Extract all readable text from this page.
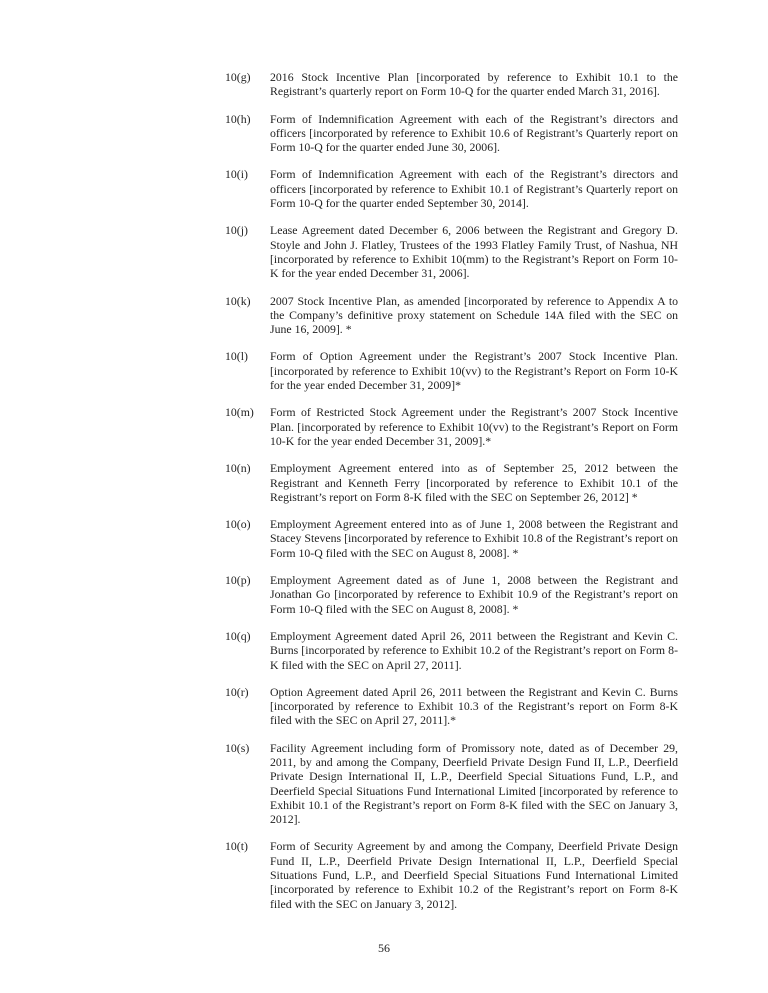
10(g)	2016 Stock Incentive Plan [incorporated by reference to Exhibit 10.1 to the Registrant’s quarterly report on Form 10-Q for the quarter ended March 31, 2016].
10(h)	Form of Indemnification Agreement with each of the Registrant’s directors and officers [incorporated by reference to Exhibit 10.6 of Registrant’s Quarterly report on Form 10-Q for the quarter ended June 30, 2006].
10(i)	Form of Indemnification Agreement with each of the Registrant’s directors and officers [incorporated by reference to Exhibit 10.1 of Registrant’s Quarterly report on Form 10-Q for the quarter ended September 30, 2014].
10(j)	Lease Agreement dated December 6, 2006 between the Registrant and Gregory D. Stoyle and John J. Flatley, Trustees of the 1993 Flatley Family Trust, of Nashua, NH [incorporated by reference to Exhibit 10(mm) to the Registrant’s Report on Form 10-K for the year ended December 31, 2006].
10(k)	2007 Stock Incentive Plan, as amended [incorporated by reference to Appendix A to the Company’s definitive proxy statement on Schedule 14A filed with the SEC on June 16, 2009]. *
10(l)	Form of Option Agreement under the Registrant’s 2007 Stock Incentive Plan. [incorporated by reference to Exhibit 10(vv) to the Registrant’s Report on Form 10-K for the year ended December 31, 2009]*
10(m)	Form of Restricted Stock Agreement under the Registrant’s 2007 Stock Incentive Plan. [incorporated by reference to Exhibit 10(vv) to the Registrant’s Report on Form 10-K for the year ended December 31, 2009].*
10(n)	Employment Agreement entered into as of September 25, 2012 between the Registrant and Kenneth Ferry [incorporated by reference to Exhibit 10.1 of the Registrant’s report on Form 8-K filed with the SEC on September 26, 2012] *
10(o)	Employment Agreement entered into as of June 1, 2008 between the Registrant and Stacey Stevens [incorporated by reference to Exhibit 10.8 of the Registrant’s report on Form 10-Q filed with the SEC on August 8, 2008]. *
10(p)	Employment Agreement dated as of June 1, 2008 between the Registrant and Jonathan Go [incorporated by reference to Exhibit 10.9 of the Registrant’s report on Form 10-Q filed with the SEC on August 8, 2008]. *
10(q)	Employment Agreement dated April 26, 2011 between the Registrant and Kevin C. Burns [incorporated by reference to Exhibit 10.2 of the Registrant’s report on Form 8-K filed with the SEC on April 27, 2011].
10(r)	Option Agreement dated April 26, 2011 between the Registrant and Kevin C. Burns [incorporated by reference to Exhibit 10.3 of the Registrant’s report on Form 8-K filed with the SEC on April 27, 2011].*
10(s)	Facility Agreement including form of Promissory note, dated as of December 29, 2011, by and among the Company, Deerfield Private Design Fund II, L.P., Deerfield Private Design International II, L.P., Deerfield Special Situations Fund, L.P., and Deerfield Special Situations Fund International Limited [incorporated by reference to Exhibit 10.1 of the Registrant’s report on Form 8-K filed with the SEC on January 3, 2012].
10(t)	Form of Security Agreement by and among the Company, Deerfield Private Design Fund II, L.P., Deerfield Private Design International II, L.P., Deerfield Special Situations Fund, L.P., and Deerfield Special Situations Fund International Limited [incorporated by reference to Exhibit 10.2 of the Registrant’s report on Form 8-K filed with the SEC on January 3, 2012].
56
